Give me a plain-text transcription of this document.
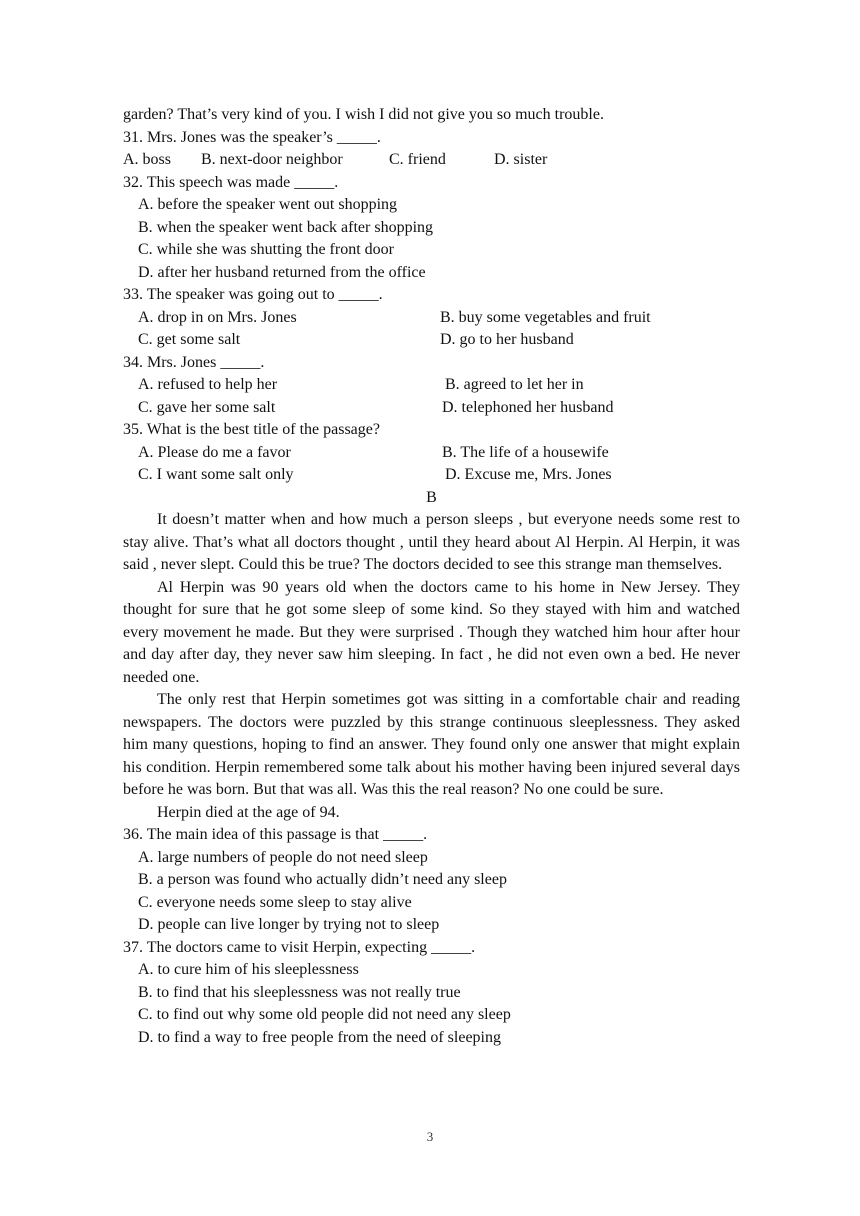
garden? That’s very kind of you. I wish I did not give you so much trouble.
31. Mrs. Jones was the speaker’s _____.
A. boss B. next-door neighbor	C. friend	D. sister
32. This speech was made _____.
A. before the speaker went out shopping
B. when the speaker went back after shopping
C. while she was shutting the front door
D. after her husband returned from the office
33. The speaker was going out to _____.
A. drop in on Mrs. Jones	B. buy some vegetables and fruit
C. get some salt	D. go to her husband
34. Mrs. Jones _____.
A. refused to help her	B. agreed to let her in
C. gave her some salt	D. telephoned her husband
35. What is the best title of the passage?
A. Please do me a favor	B. The life of a housewife
C. I want some salt only	D. Excuse me, Mrs. Jones
B
It doesn’t matter when and how much a person sleeps , but everyone needs some rest to stay alive. That’s what all doctors thought , until they heard about Al Herpin. Al Herpin, it was said , never slept. Could this be true? The doctors decided to see this strange man themselves.
Al Herpin was 90 years old when the doctors came to his home in New Jersey. They thought for sure that he got some sleep of some kind. So they stayed with him and watched every movement he made. But they were surprised . Though they watched him hour after hour and day after day, they never saw him sleeping. In fact , he did not even own a bed. He never needed one.
The only rest that Herpin sometimes got was sitting in a comfortable chair and reading newspapers. The doctors were puzzled by this strange continuous sleeplessness. They asked him many questions, hoping to find an answer. They found only one answer that might explain his condition. Herpin remembered some talk about his mother having been injured several days before he was born. But that was all. Was this the real reason? No one could be sure.
Herpin died at the age of 94.
36. The main idea of this passage is that _____.
A. large numbers of people do not need sleep
B. a person was found who actually didn’t need any sleep
C. everyone needs some sleep to stay alive
D. people can live longer by trying not to sleep
37. The doctors came to visit Herpin, expecting _____.
A. to cure him of his sleeplessness
B. to find that his sleeplessness was not really true
C. to find out why some old people did not need any sleep
D. to find a way to free people from the need of sleeping
3
